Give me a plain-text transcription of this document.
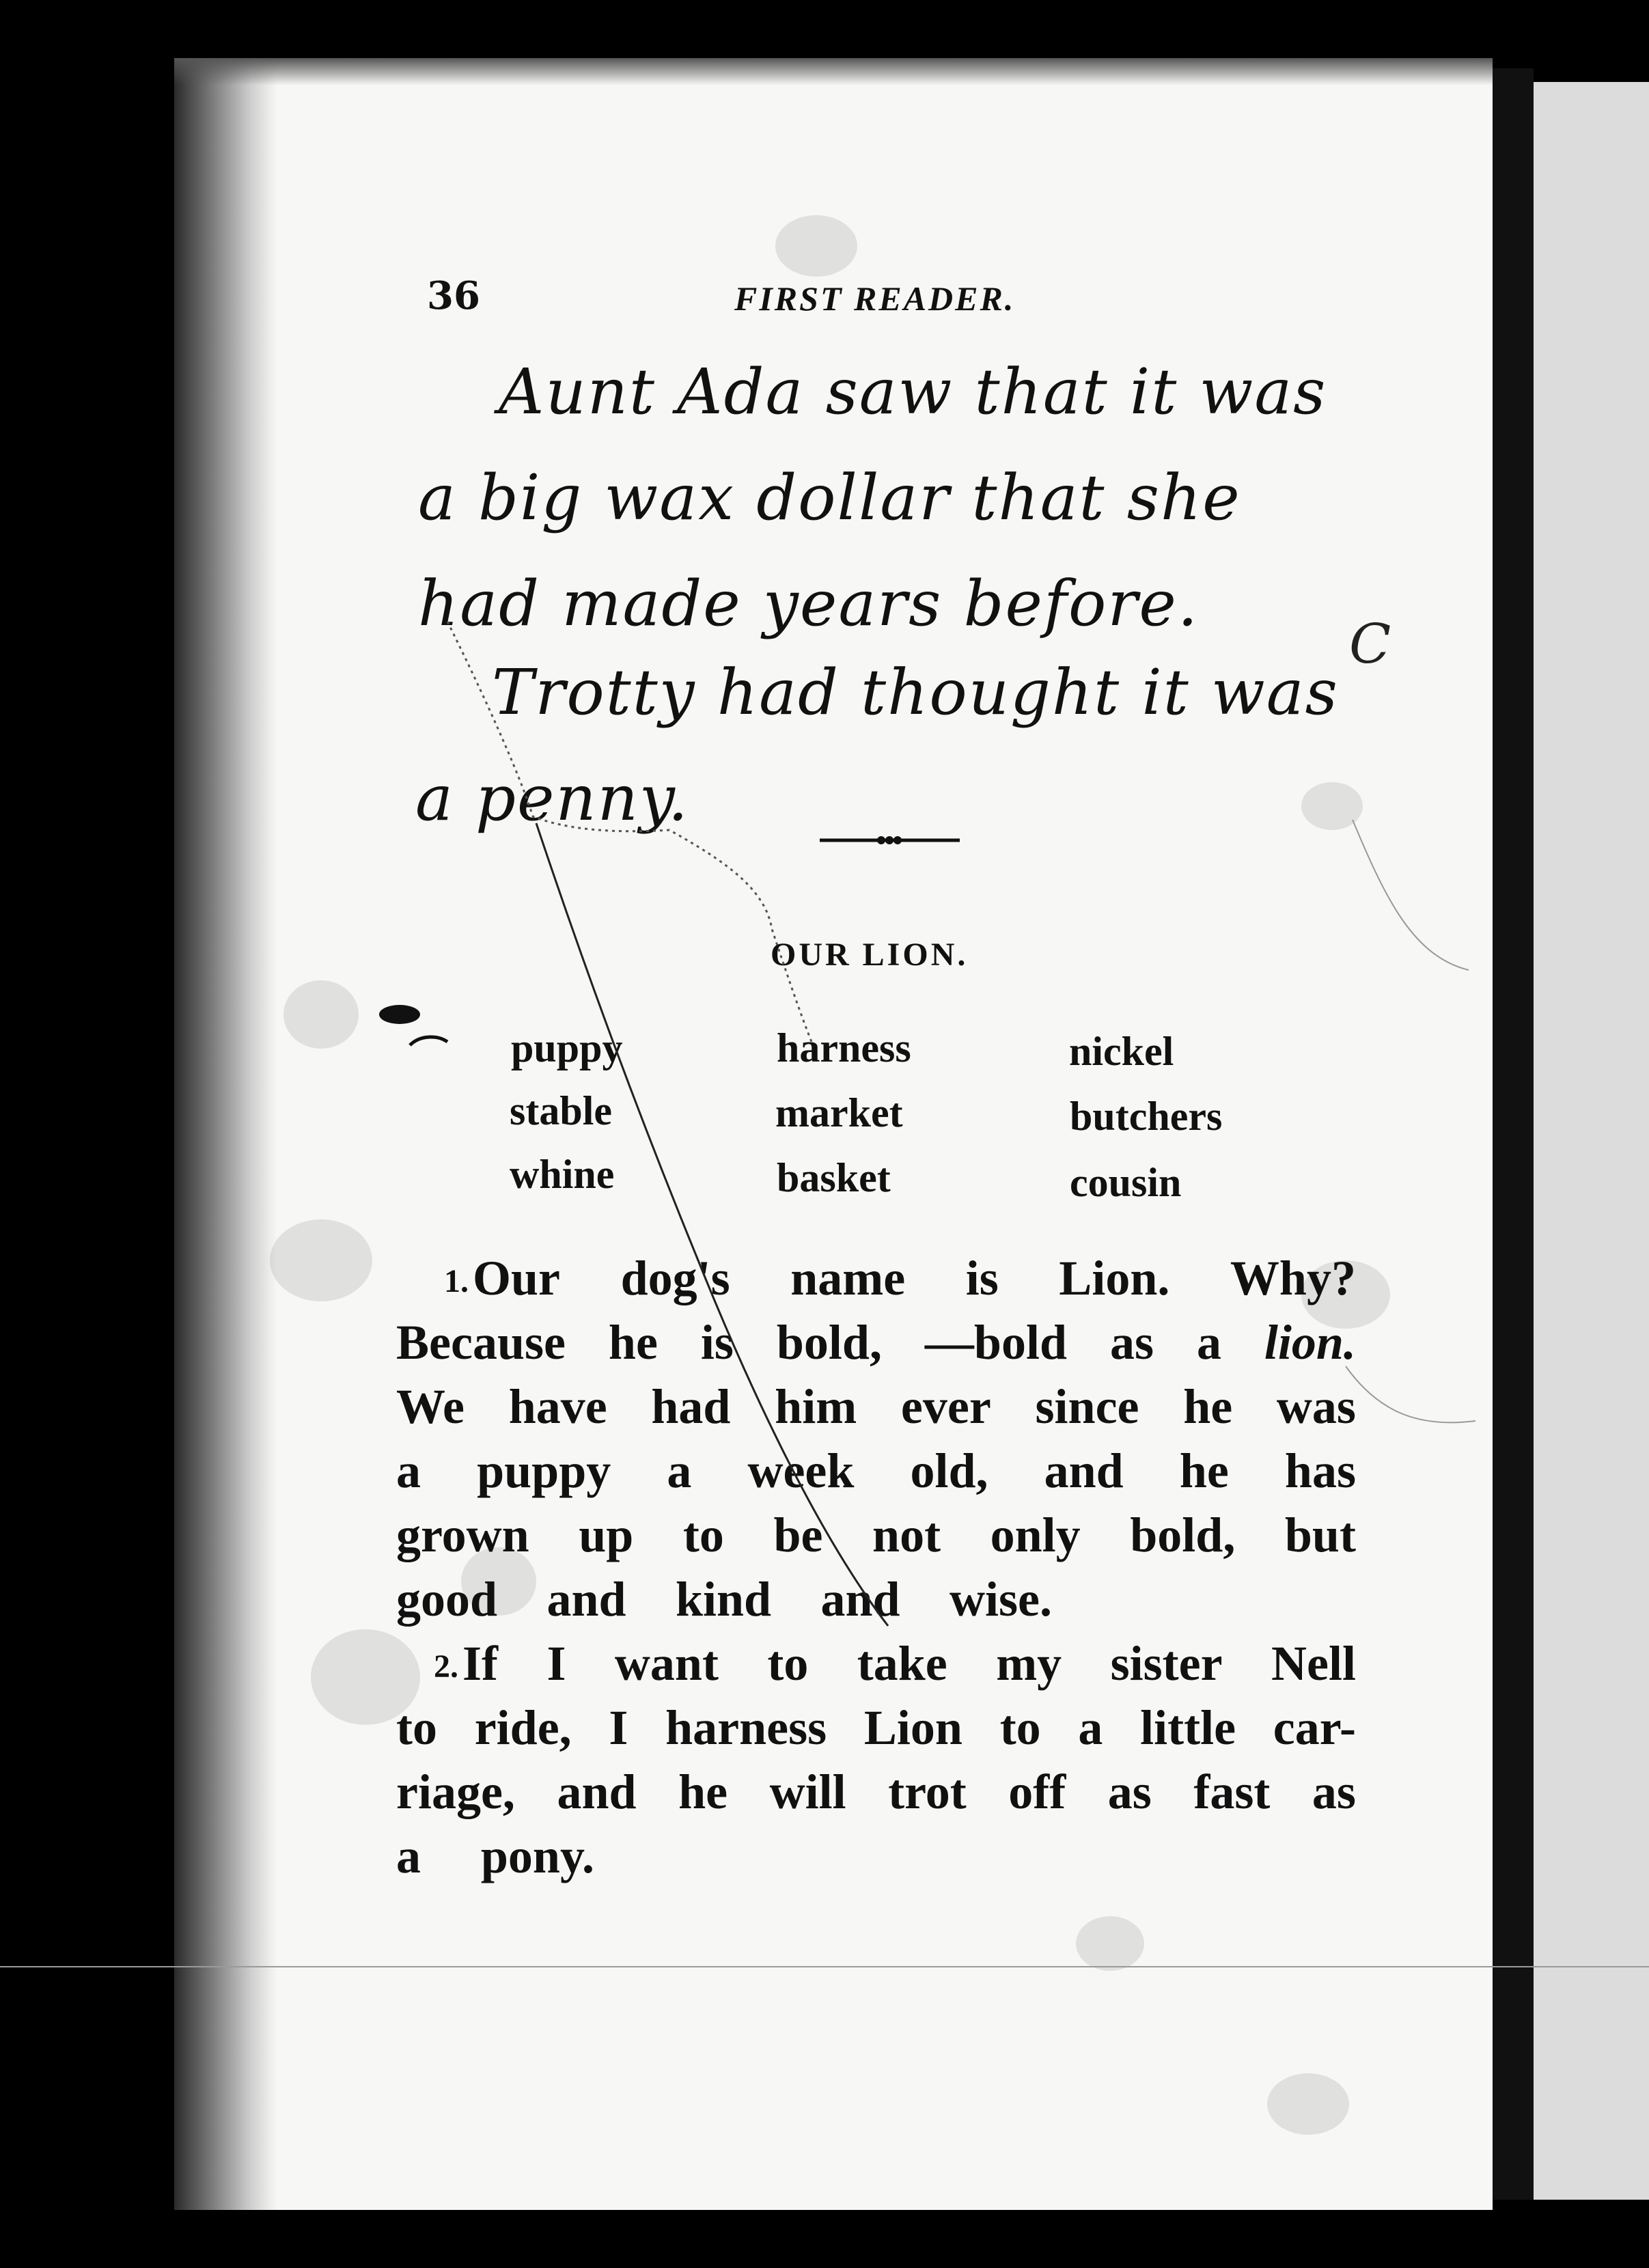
36	FIRST READER.
Aunt Ada saw that it was
a big wax dollar that she
had made years before.
Trotty had thought it was
a penny.
OUR LION.
puppy
stable
whine
harness
market
basket
nickel
butchers
cousin
1.Our dog's name is Lion. Why?
Because he is bold, —bold as a lion.
We have had him ever since he was
a puppy a week old, and he has
grown up to be not only bold, but
good and kind and wise.
2.If I want to take my sister Nell
to ride, I harness Lion to a little car-
riage, and he will trot off as fast as
a pony.
C
